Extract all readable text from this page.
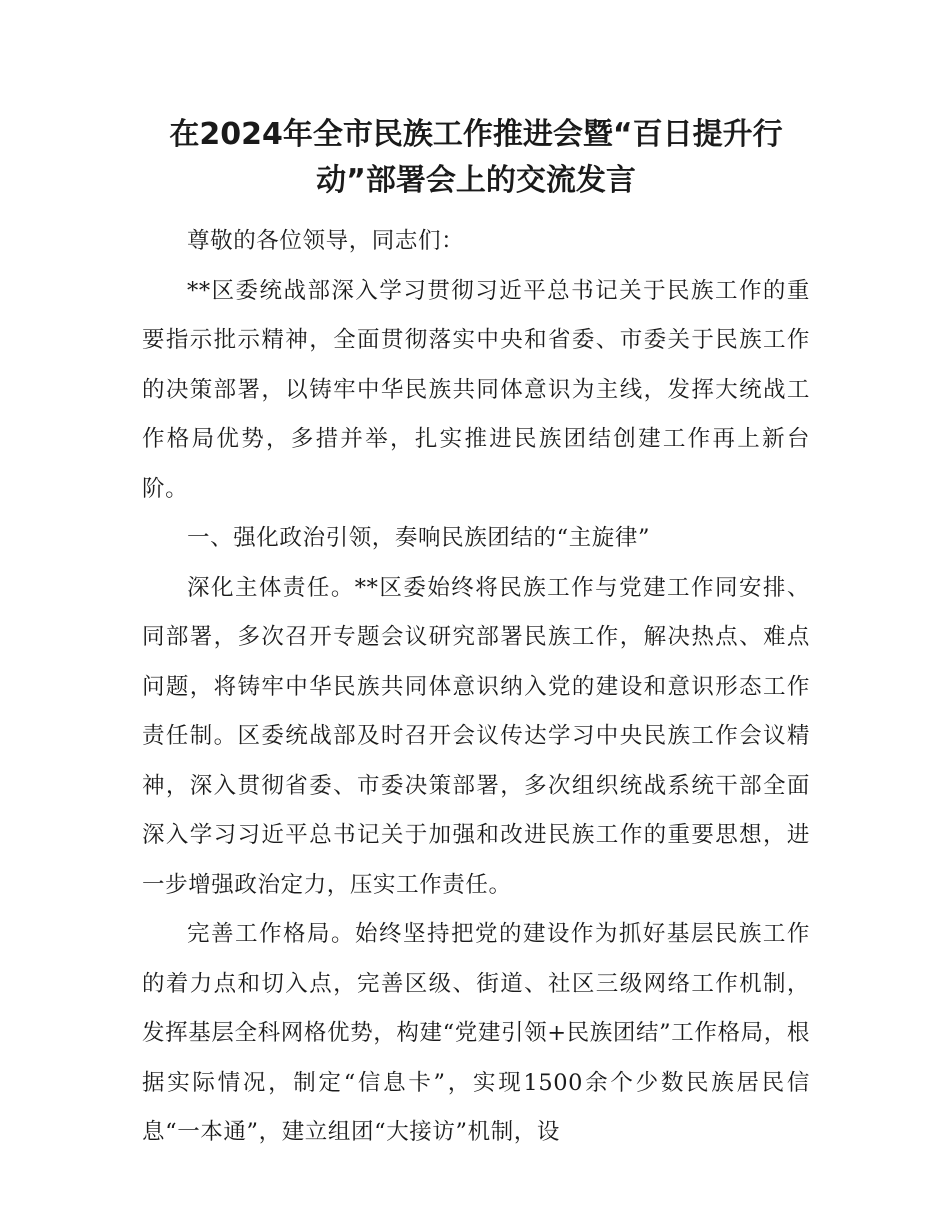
在2024年全市民族工作推进会暨“百日提升行
动”部署会上的交流发言

尊敬的各位领导，同志们：

**区委统战部深入学习贯彻习近平总书记关于民族工作的重要指示批示精神，全面贯彻落实中央和省委、市委关于民族工作的决策部署，以铸牢中华民族共同体意识为主线，发挥大统战工作格局优势，多措并举，扎实推进民族团结创建工作再上新台阶。

一、强化政治引领，奏响民族团结的“主旋律”

深化主体责任。**区委始终将民族工作与党建工作同安排、同部署，多次召开专题会议研究部署民族工作，解决热点、难点问题，将铸牢中华民族共同体意识纳入党的建设和意识形态工作责任制。区委统战部及时召开会议传达学习中央民族工作会议精神，深入贯彻省委、市委决策部署，多次组织统战系统干部全面深入学习习近平总书记关于加强和改进民族工作的重要思想，进一步增强政治定力，压实工作责任。

完善工作格局。始终坚持把党的建设作为抓好基层民族工作的着力点和切入点，完善区级、街道、社区三级网络工作机制，发挥基层全科网格优势，构建“党建引领+民族团结”工作格局，根据实际情况，制定“信息卡”，实现1500余个少数民族居民信息“一本通”，建立组团“大接访”机制，设
